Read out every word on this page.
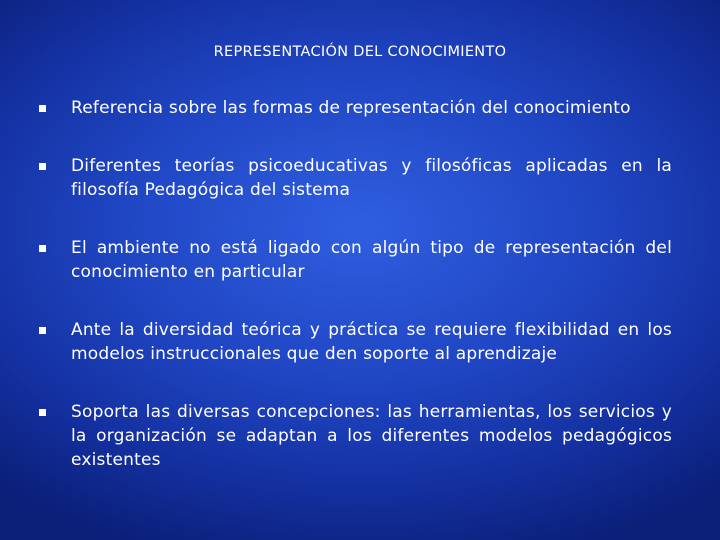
REPRESENTACIÓN DEL CONOCIMIENTO
Referencia sobre las formas de representación del conocimiento
Diferentes teorías psicoeducativas y filosóficas aplicadas en la filosofía Pedagógica del sistema
El ambiente no está ligado con algún tipo de representación del conocimiento en particular
Ante la diversidad teórica y práctica se requiere flexibilidad en los modelos instruccionales que den soporte al aprendizaje
Soporta las diversas concepciones: las herramientas, los servicios y la organización se adaptan a los diferentes modelos pedagógicos existentes
